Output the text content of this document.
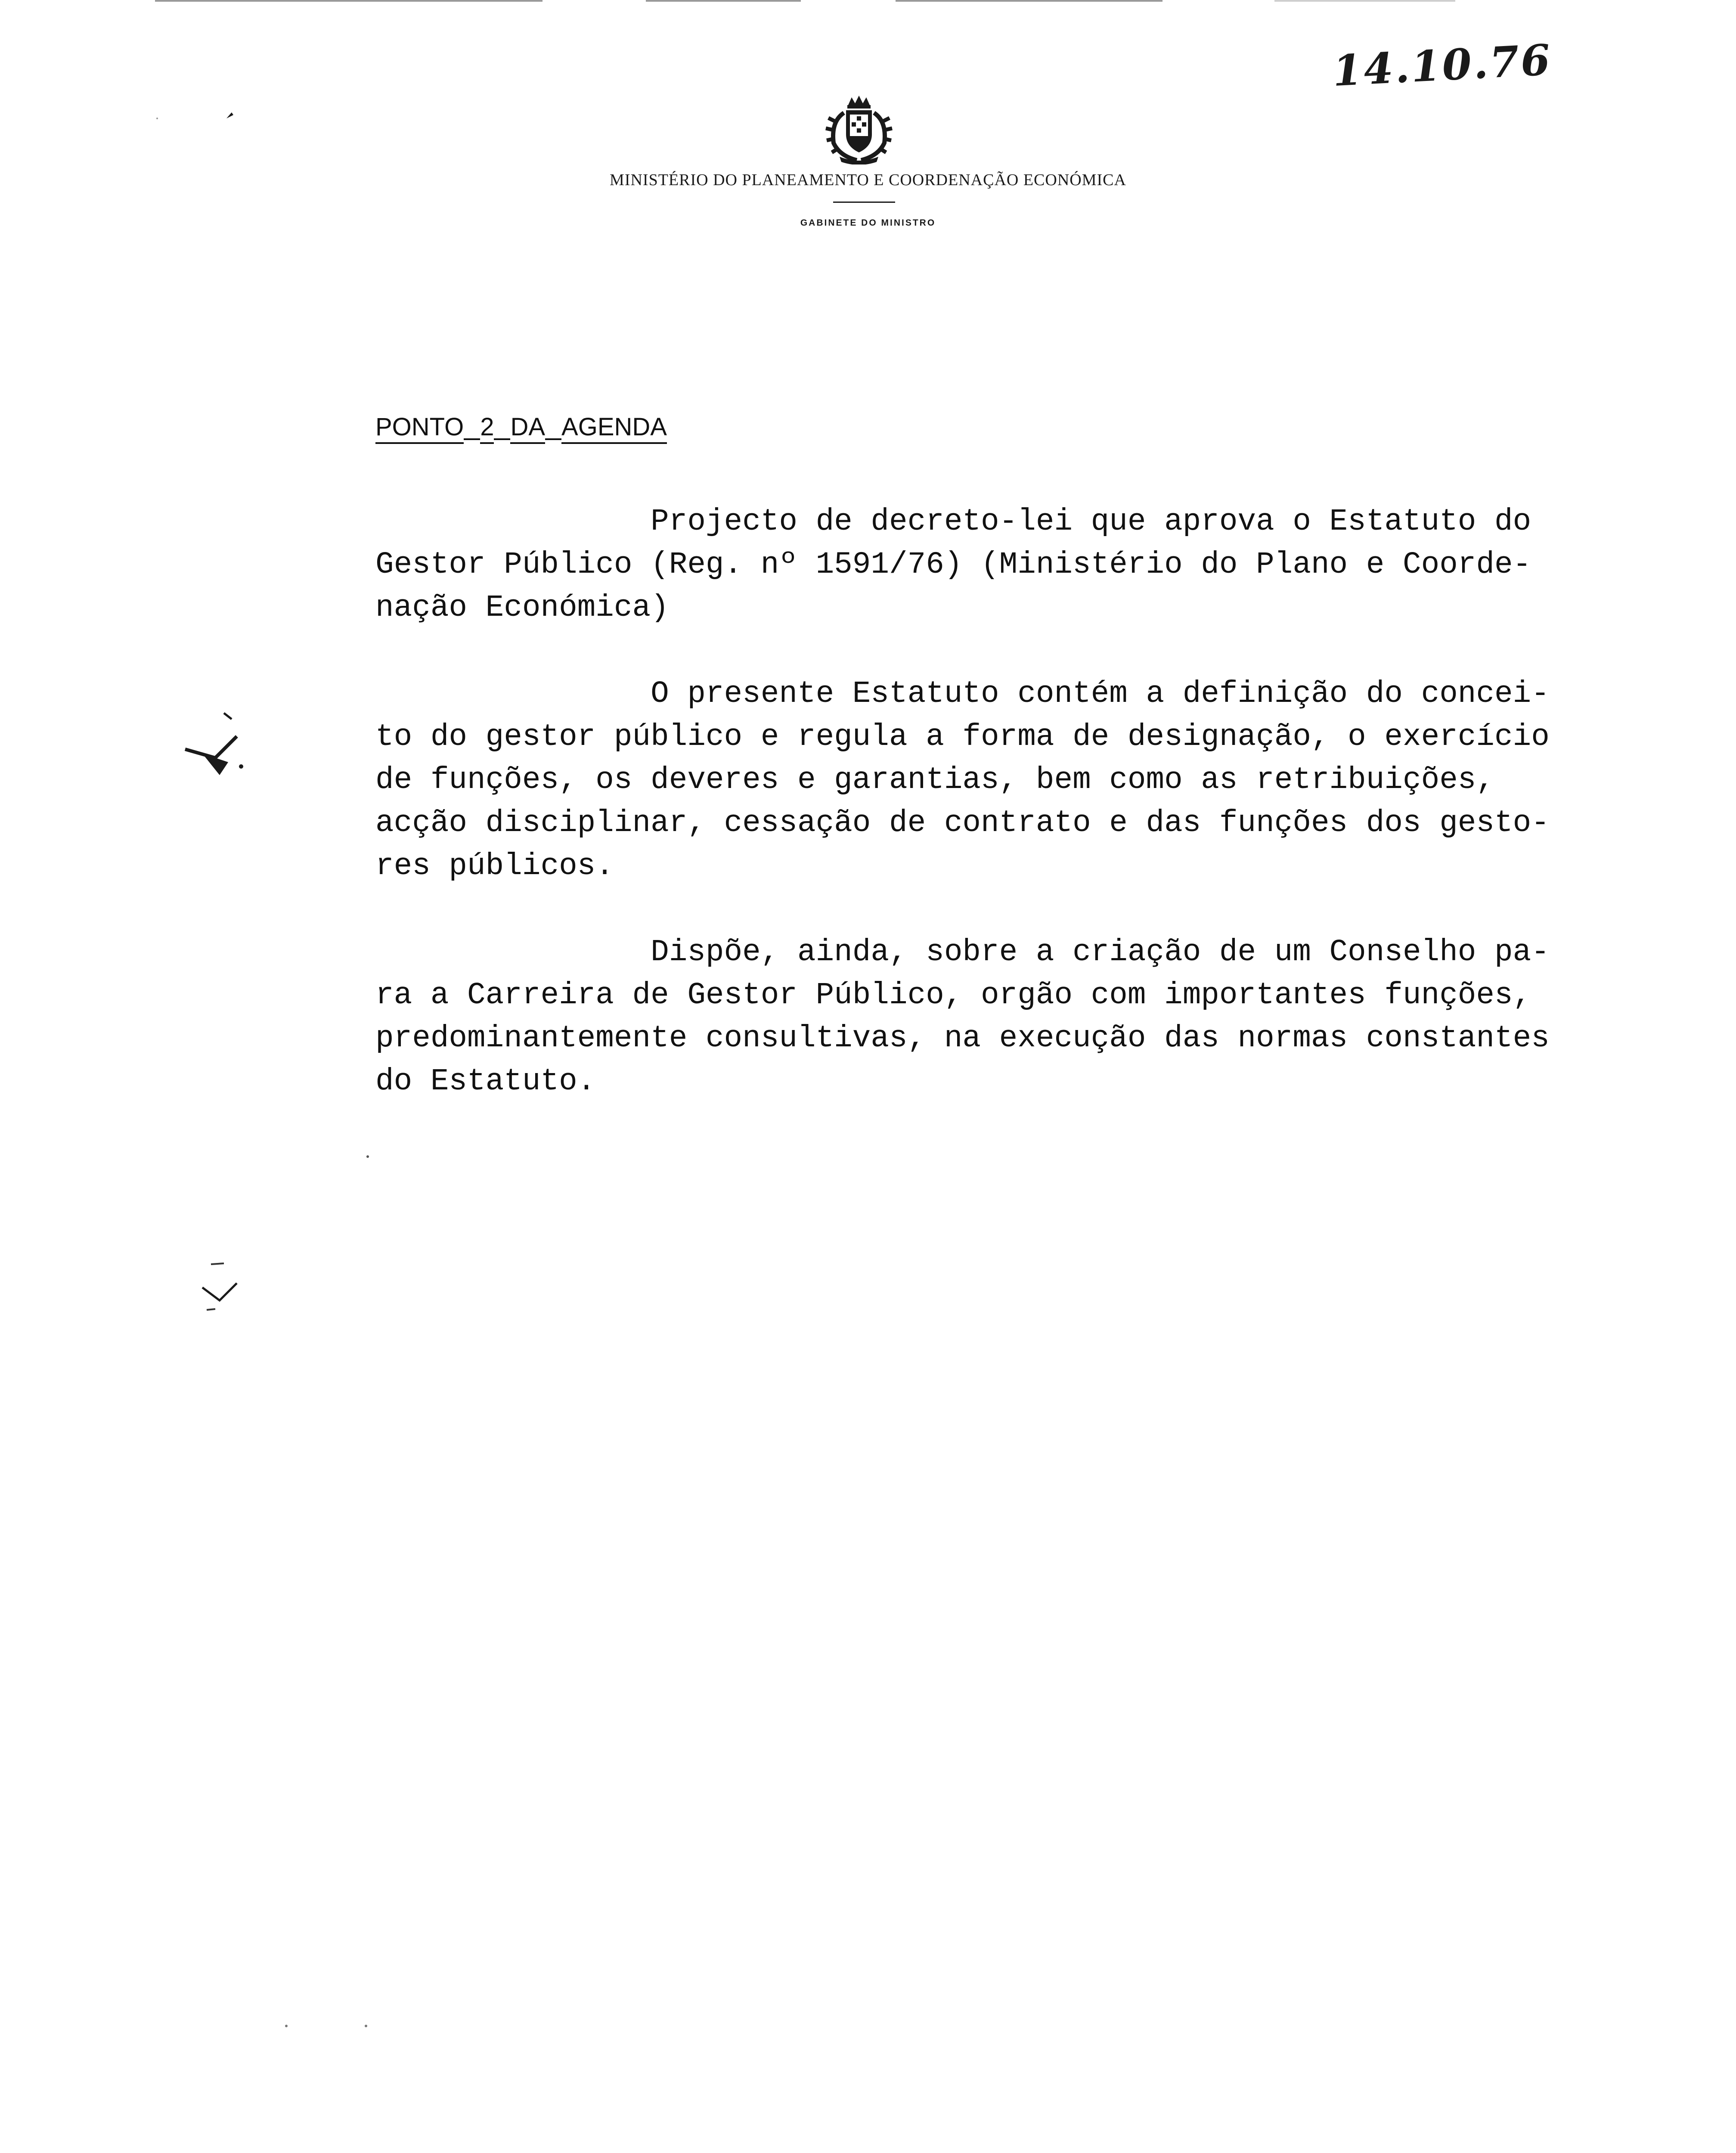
14.10.76
MINISTÉRIO DO PLANEAMENTO E COORDENAÇÃO ECONÓMICA
GABINETE DO MINISTRO
PONTO 2 DA AGENDA
Projecto de decreto-lei que aprova o Estatuto do
Gestor Público (Reg. nº 1591/76) (Ministério do Plano e Coorde-
nação Económica)
O presente Estatuto contém a definição do concei-
to do gestor público e regula a forma de designação, o exercício
de funções, os deveres e garantias, bem como as retribuições,
acção disciplinar, cessação de contrato e das funções dos gesto-
res públicos.
Dispõe, ainda, sobre a criação de um Conselho pa-
ra a Carreira de Gestor Público, orgão com importantes funções,
predominantemente consultivas, na execução das normas constantes
do Estatuto.
